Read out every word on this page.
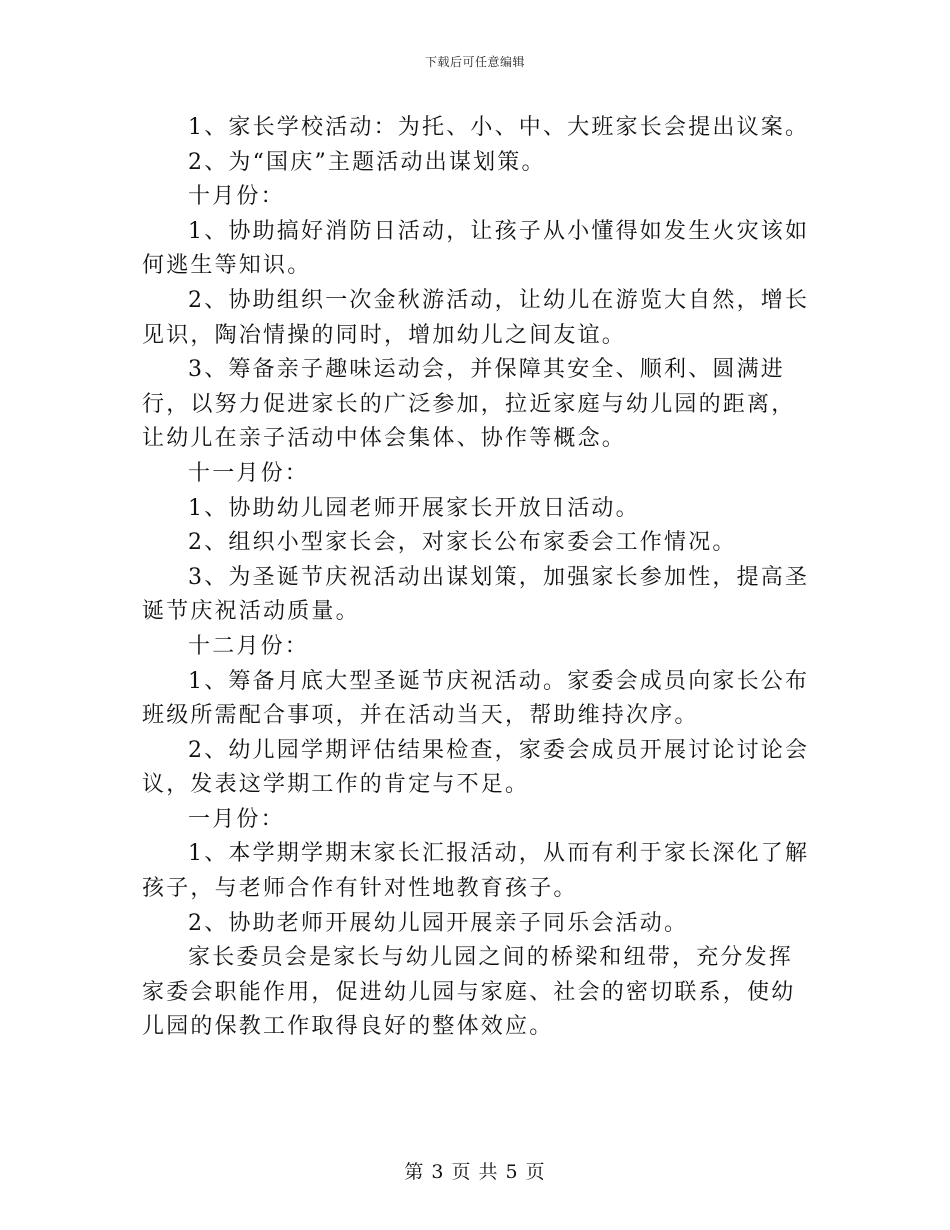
下载后可任意编辑

1、家长学校活动：为托、小、中、大班家长会提出议案。

2、为“国庆”主题活动出谋划策。

十月份：

1、协助搞好消防日活动，让孩子从小懂得如发生火灾该如何逃生等知识。

2、协助组织一次金秋游活动，让幼儿在游览大自然，增长见识，陶冶情操的同时，增加幼儿之间友谊。

3、筹备亲子趣味运动会，并保障其安全、顺利、圆满进行，以努力促进家长的广泛参加，拉近家庭与幼儿园的距离，让幼儿在亲子活动中体会集体、协作等概念。

十一月份：

1、协助幼儿园老师开展家长开放日活动。

2、组织小型家长会，对家长公布家委会工作情况。

3、为圣诞节庆祝活动出谋划策，加强家长参加性，提高圣诞节庆祝活动质量。

十二月份：

1、筹备月底大型圣诞节庆祝活动。家委会成员向家长公布班级所需配合事项，并在活动当天，帮助维持次序。

2、幼儿园学期评估结果检查，家委会成员开展讨论讨论会议，发表这学期工作的肯定与不足。

一月份：

1、本学期学期末家长汇报活动，从而有利于家长深化了解孩子，与老师合作有针对性地教育孩子。

2、协助老师开展幼儿园开展亲子同乐会活动。

家长委员会是家长与幼儿园之间的桥梁和纽带，充分发挥家委会职能作用，促进幼儿园与家庭、社会的密切联系，使幼儿园的保教工作取得良好的整体效应。

第 3 页 共 5 页
